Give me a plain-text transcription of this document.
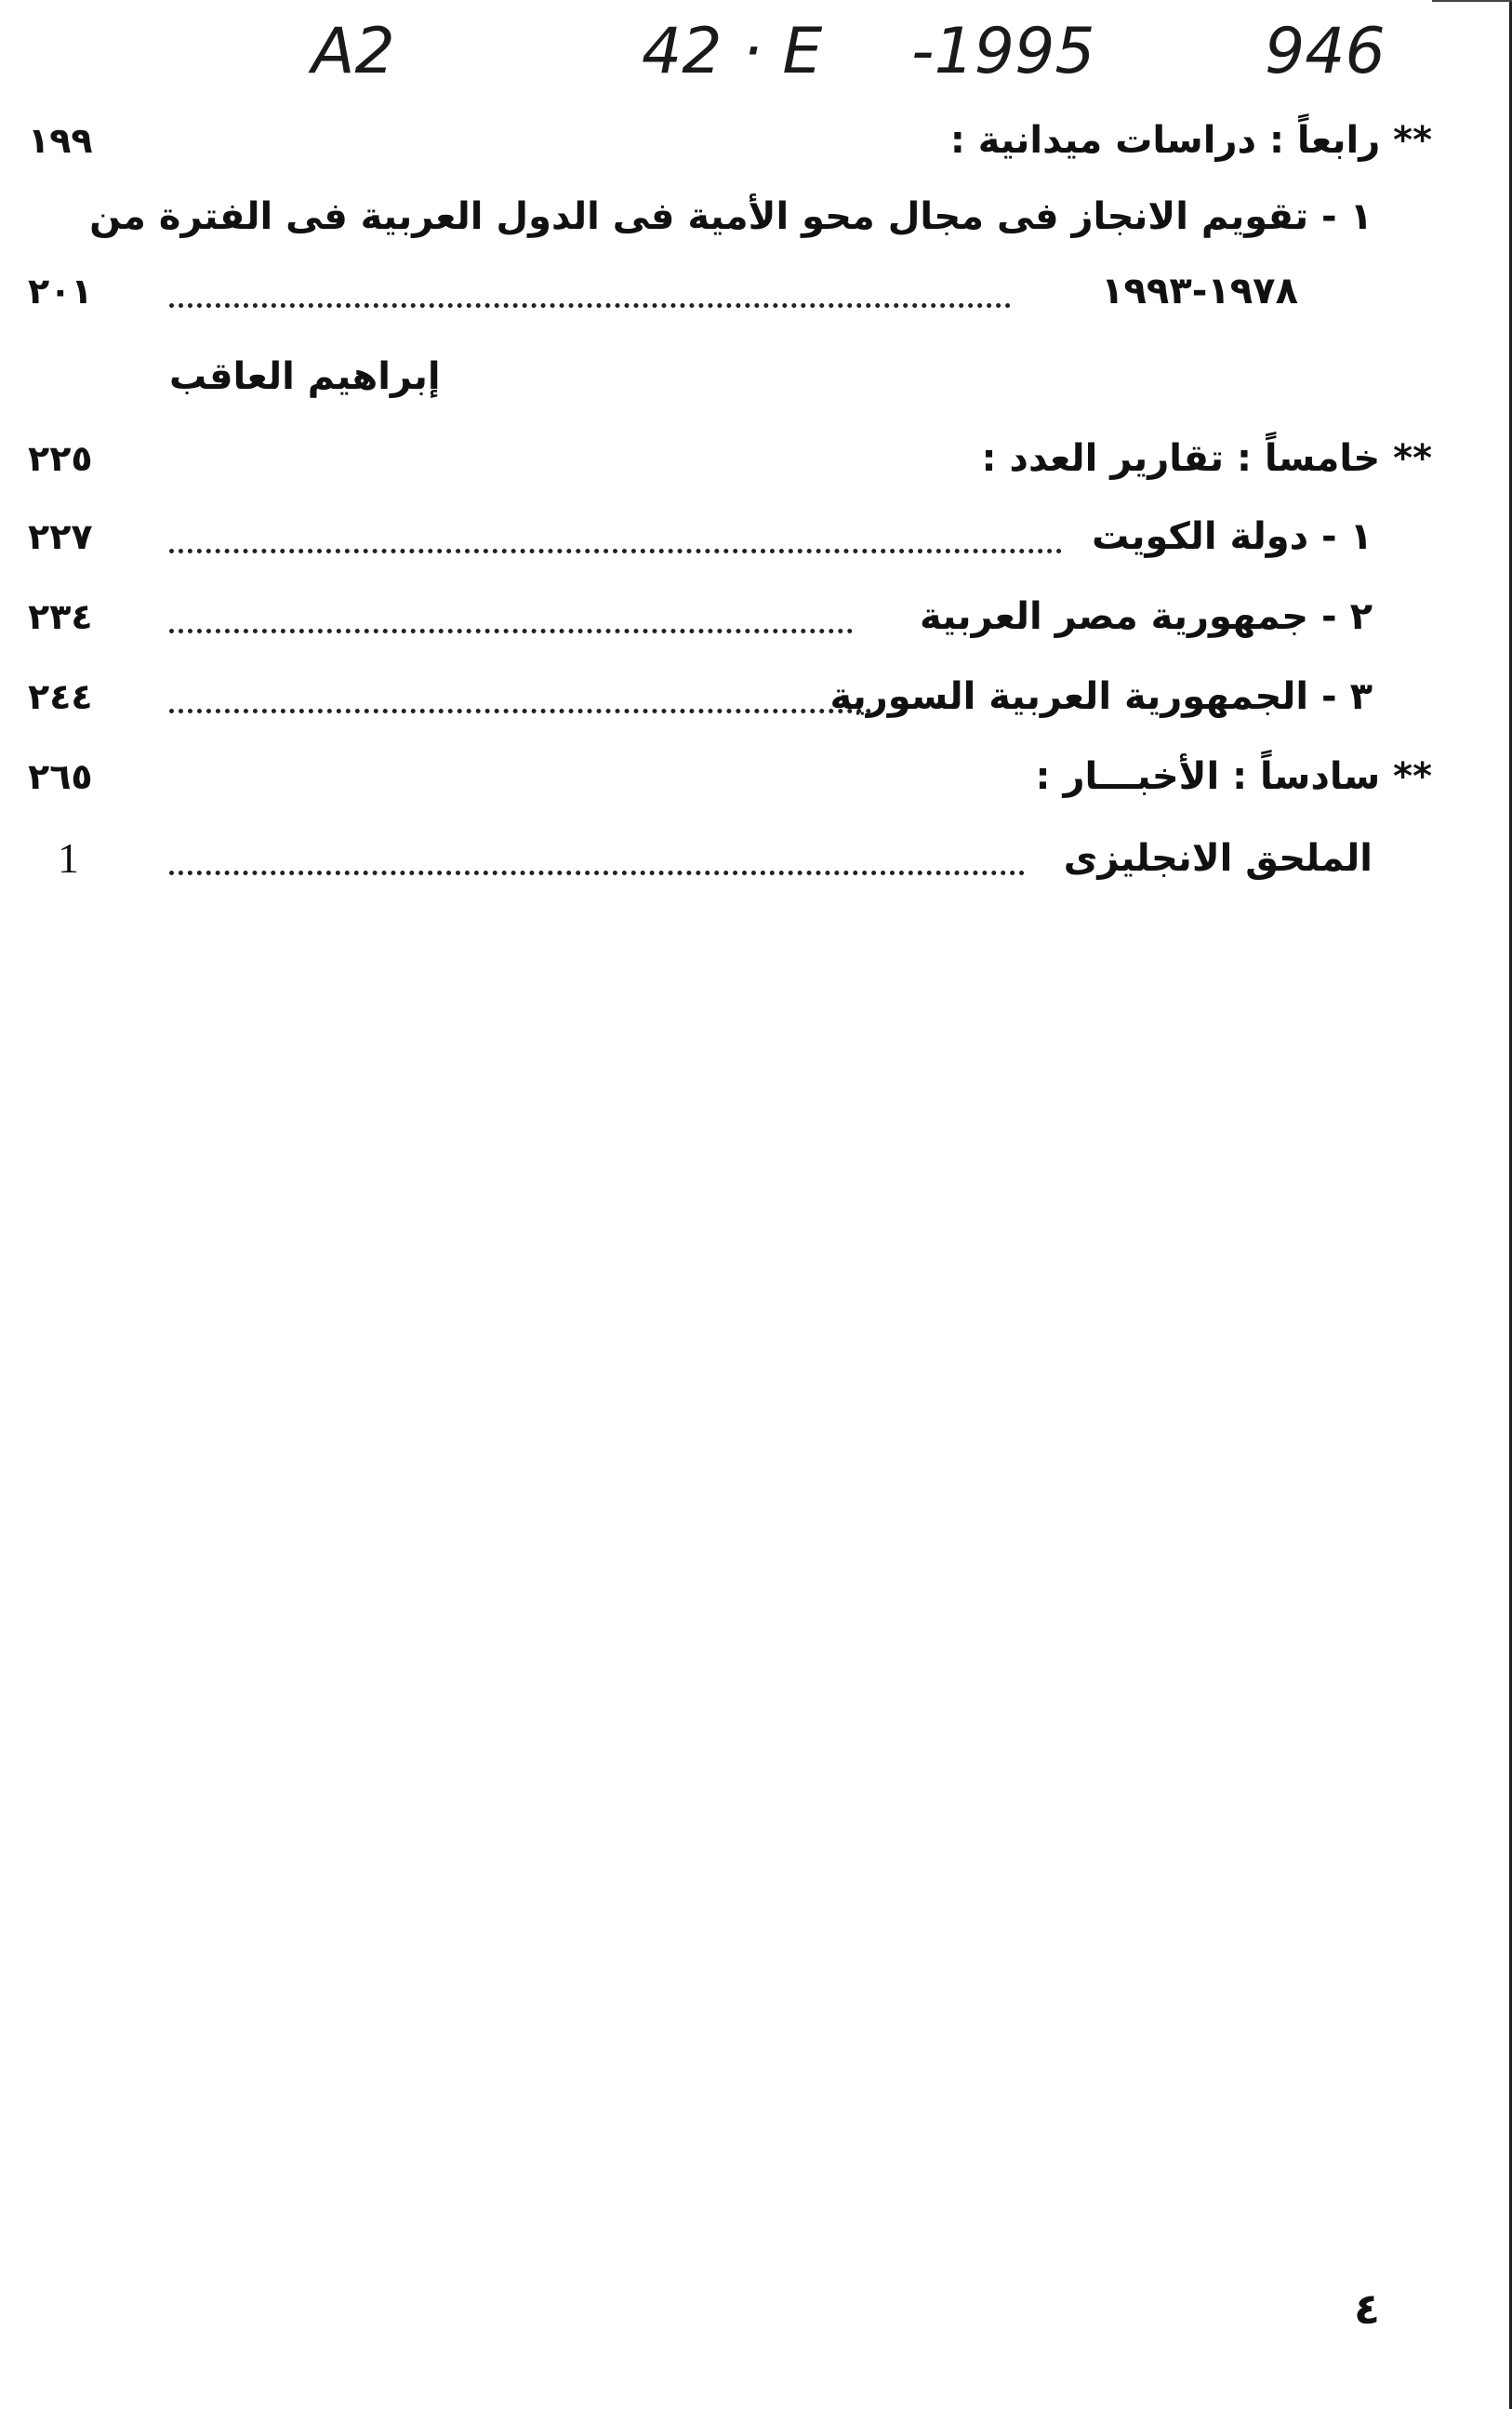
A2	42 · E -1995	946
** رابعاً : دراسات ميدانية :
١٩٩
١ - تقويم الانجاز فى مجال محو الأمية فى الدول العربية فى الفترة من
١٩٧٨-١٩٩٣
٢٠١
إبراهيم العاقب
** خامساً : تقارير العدد :
٢٢٥
١ - دولة الكويت
٢٢٧
٢ - جمهورية مصر العربية
٢٣٤
٣ - الجمهورية العربية السورية
٢٤٤
** سادساً : الأخبـــار :
٢٦٥
الملحق الانجليزى
1
٤
